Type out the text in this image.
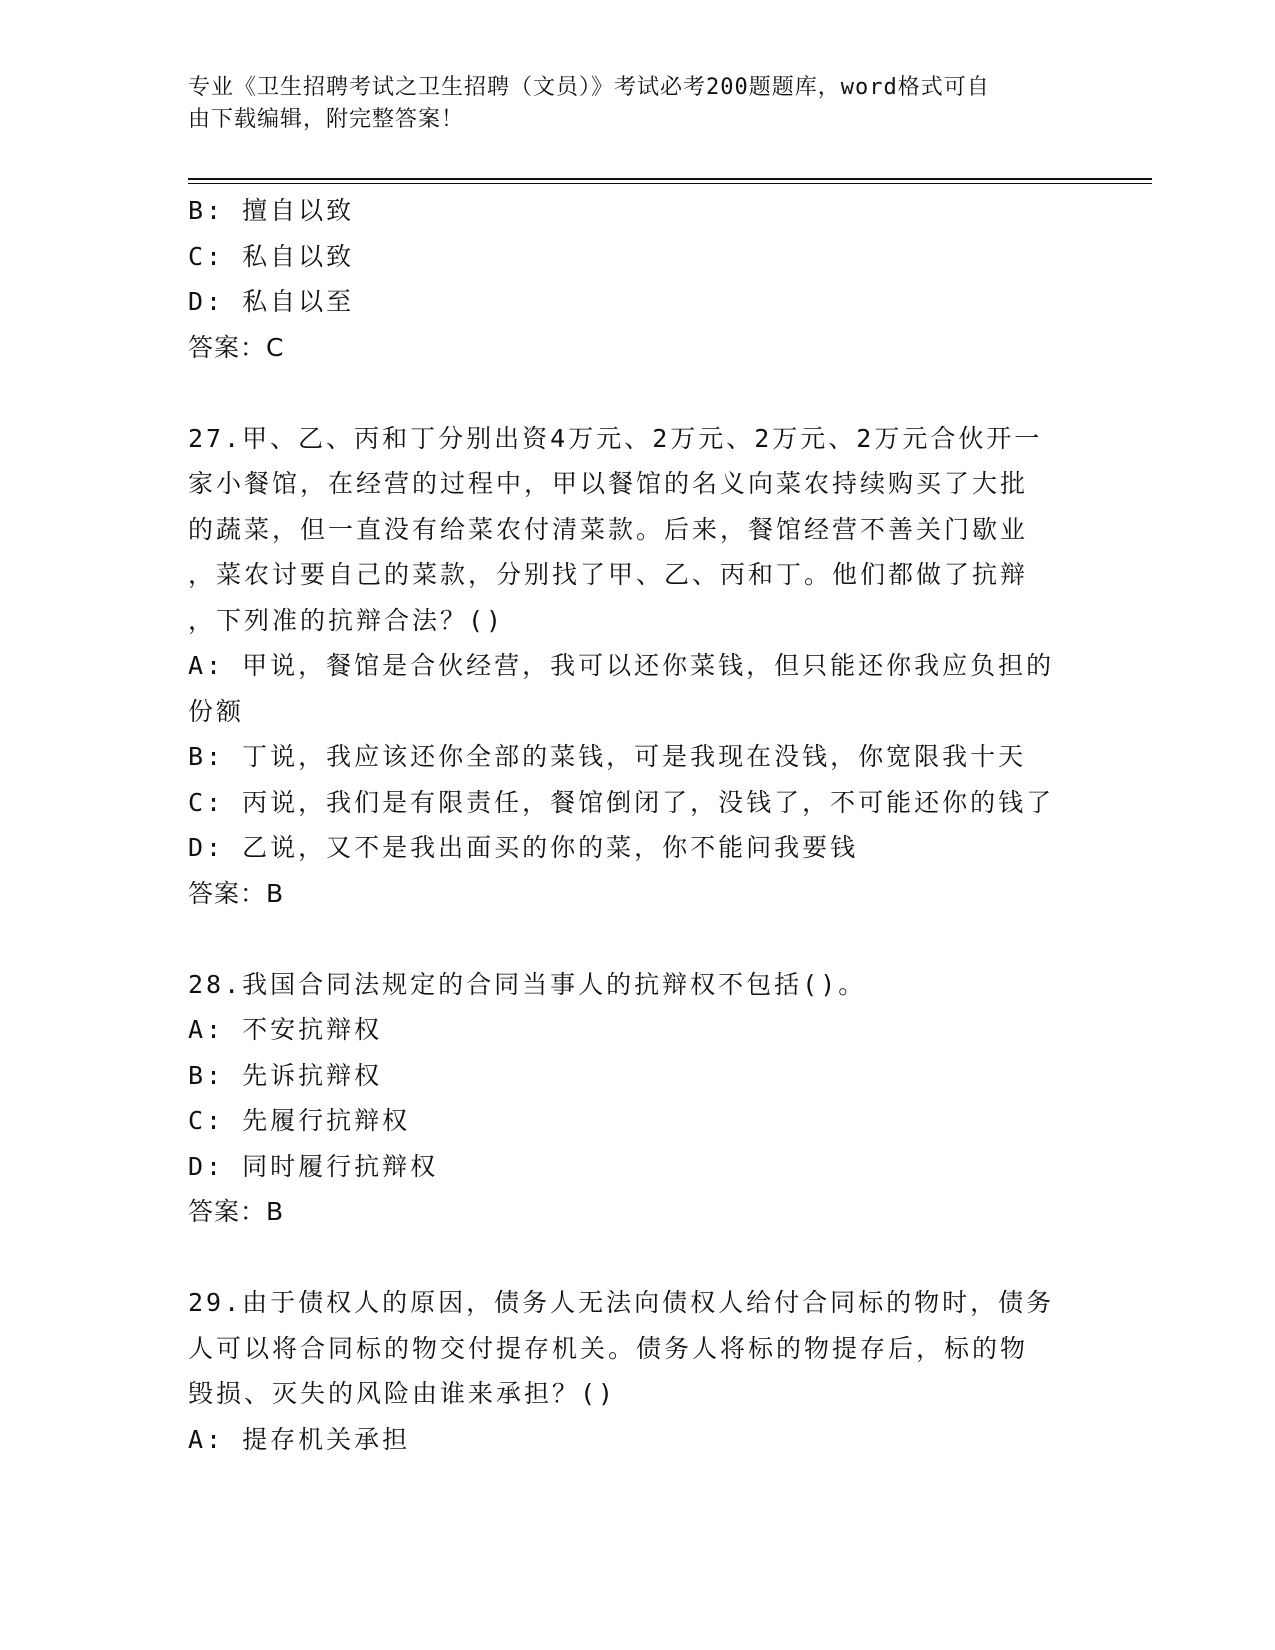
专业《卫生招聘考试之卫生招聘（文员）》考试必考200题题库，word格式可自
由下载编辑，附完整答案！
B: 擅自以致
C: 私自以致
D: 私自以至
答案：C
27.甲、乙、丙和丁分别出资4万元、2万元、2万元、2万元合伙开一
家小餐馆，在经营的过程中，甲以餐馆的名义向菜农持续购买了大批
的蔬菜，但一直没有给菜农付清菜款。后来，餐馆经营不善关门歇业
，菜农讨要自己的菜款，分别找了甲、乙、丙和丁。他们都做了抗辩
，下列准的抗辩合法？()
A: 甲说，餐馆是合伙经营，我可以还你菜钱，但只能还你我应负担的
份额
B: 丁说，我应该还你全部的菜钱，可是我现在没钱，你宽限我十天
C: 丙说，我们是有限责任，餐馆倒闭了，没钱了，不可能还你的钱了
D: 乙说，又不是我出面买的你的菜，你不能问我要钱
答案：B
28.我国合同法规定的合同当事人的抗辩权不包括()。
A: 不安抗辩权
B: 先诉抗辩权
C: 先履行抗辩权
D: 同时履行抗辩权
答案：B
29.由于债权人的原因，债务人无法向债权人给付合同标的物时，债务
人可以将合同标的物交付提存机关。债务人将标的物提存后，标的物
毁损、灭失的风险由谁来承担？()
A: 提存机关承担
